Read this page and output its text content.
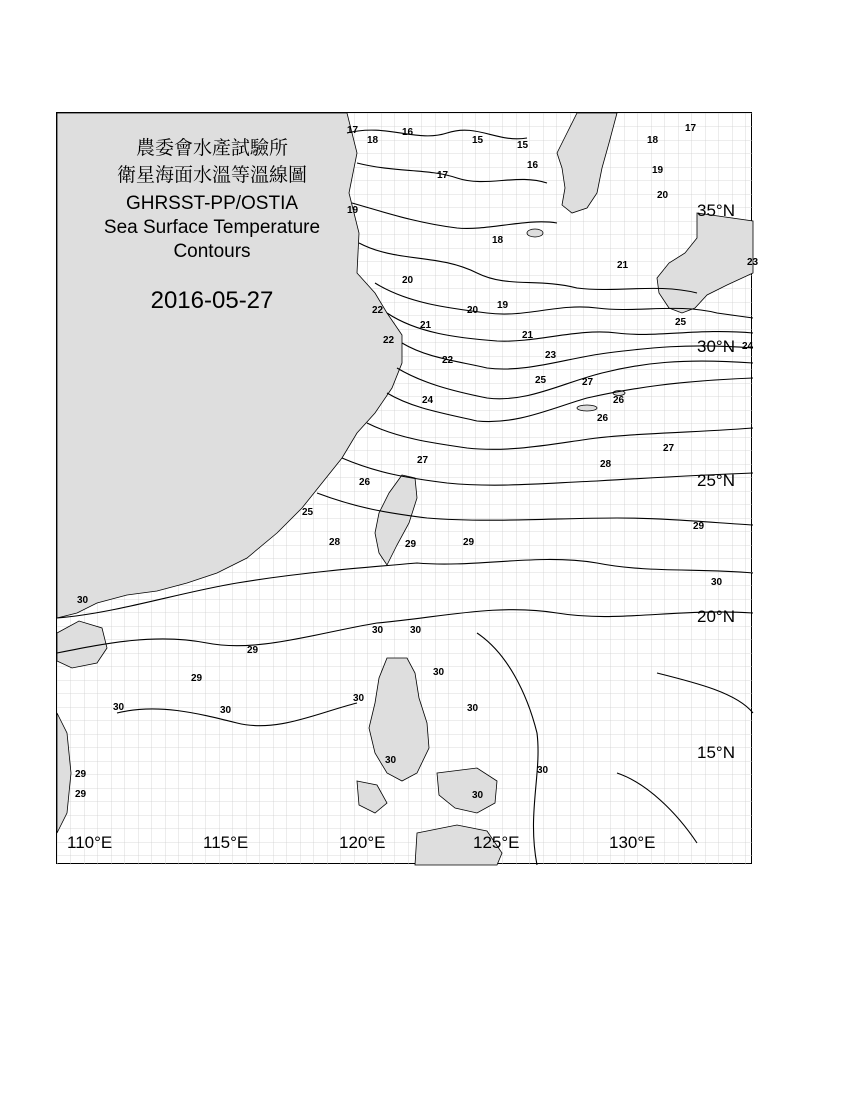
15	15
16
16
17
17
17
18
18
18
19
19
19
20
20
20
21
21
21
22
22
22	23
23
24
24
25
25
25
26
26
26
27
27
27
28
28
29	29
29
29
29
29
29
30	30
30
30
30	30
30
30
30
30
30
30
農委會水產試驗所
衛星海面水溫等溫線圖
GHRSST-PP/OSTIA
Sea Surface Temperature
Contours
2016-05-27
35°N
30°N
25°N
20°N
15°N
110°E	115°E	120°E	125°E	130°E
